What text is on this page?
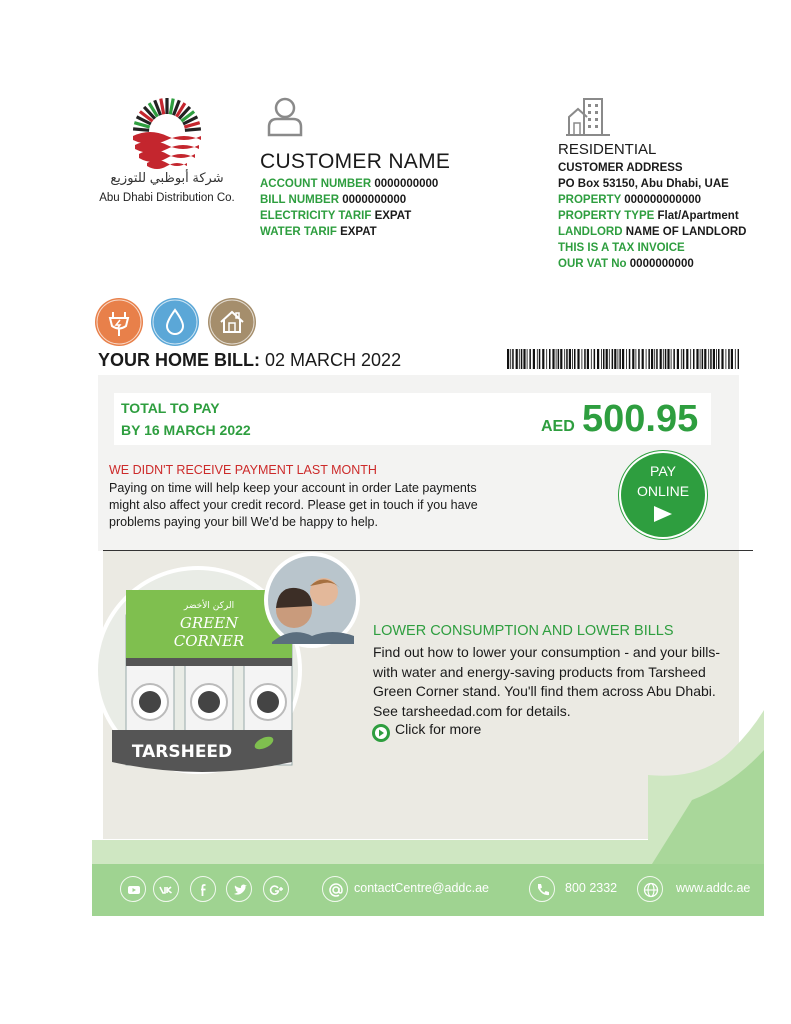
شركة أبوظبي للتوزيع
Abu Dhabi Distribution Co.
CUSTOMER NAME
ACCOUNT NUMBER 0000000000
BILL NUMBER 0000000000
ELECTRICITY TARIF EXPAT
WATER TARIF EXPAT
RESIDENTIAL
CUSTOMER ADDRESS
PO Box 53150, Abu Dhabi, UAE
PROPERTY 000000000000
PROPERTY TYPE Flat/Apartment
LANDLORD NAME OF LANDLORD
THIS IS A TAX INVOICE
OUR VAT No 0000000000
YOUR HOME BILL: 02 MARCH 2022
TOTAL TO PAY
BY 16 MARCH 2022	AED 500.95
WE DIDN'T RECEIVE PAYMENT LAST MONTH
Paying on time will help keep your account in order Late payments might also affect your credit record. Please get in touch if you have problems paying your bill We'd be happy to help.
PAY
ONLINE
الركن الأخضر
GREEN
CORNER
TARSHEED
LOWER CONSUMPTION AND LOWER BILLS
Find out how to lower your consumption - and your bills-with water and energy-saving products from Tarsheed Green Corner stand. You'll find them across Abu Dhabi. See tarsheedad.com for details.
Click for more
contactCentre@addc.ae	800 2332	www.addc.ae
